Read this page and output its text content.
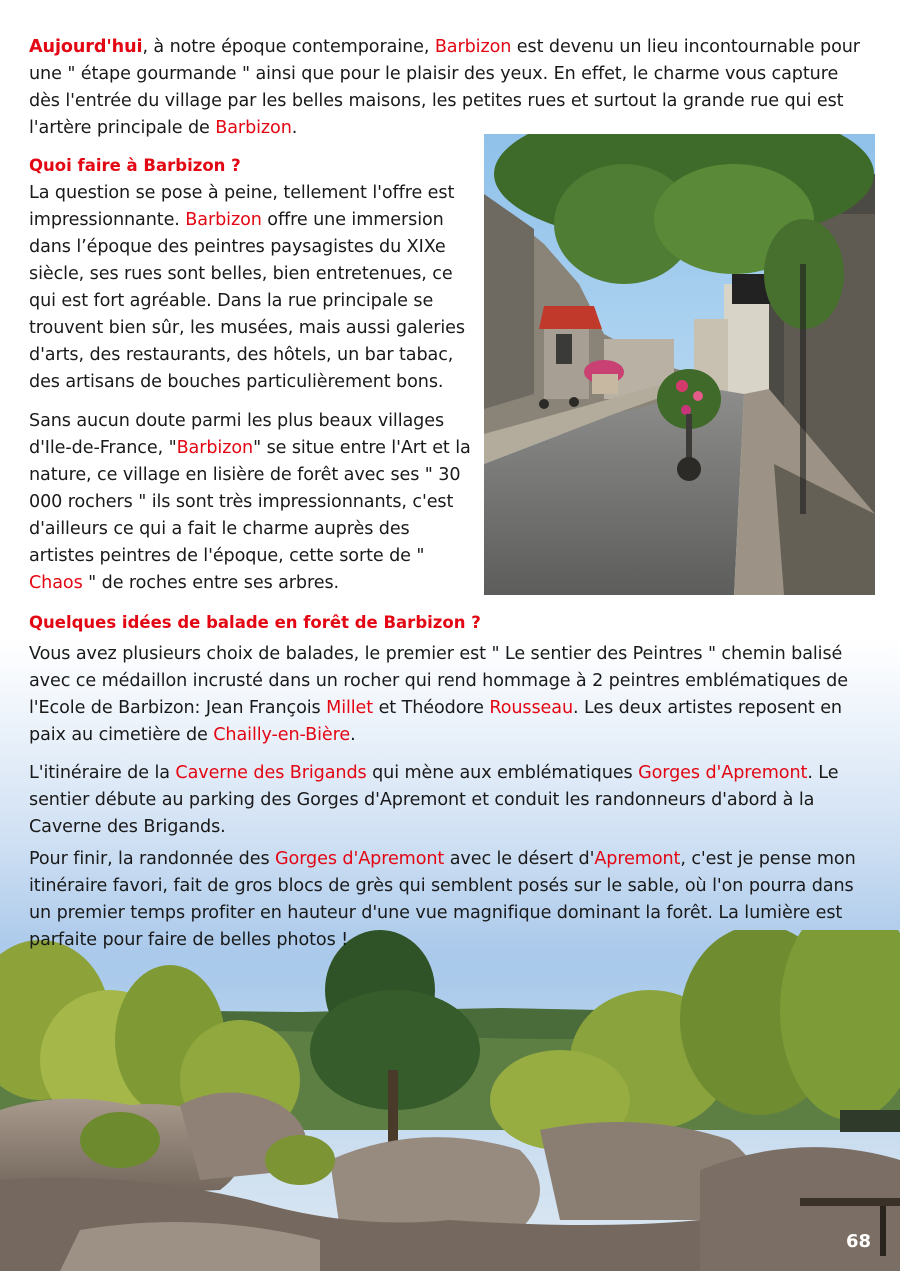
Aujourd'hui, à notre époque contemporaine, Barbizon est devenu un lieu incontournable pour une " étape gourmande " ainsi que pour le plaisir des yeux. En effet, le charme vous capture dès l'entrée du village par les belles maisons, les petites rues et surtout la grande rue qui est l'artère principale de Barbizon.

Quoi faire à Barbizon ?

La question se pose à peine, tellement l'offre est impressionnante. Barbizon offre une immersion dans l’époque des peintres paysagistes du XIXe siècle, ses rues sont belles, bien entretenues, ce qui est fort agréable. Dans la rue principale se trouvent bien sûr, les musées, mais aussi galeries d'arts, des restaurants, des hôtels, un bar tabac, des artisans de bouches particulièrement bons.

Sans aucun doute parmi les plus beaux villages d'Ile-de-France, "Barbizon" se situe entre l'Art et la nature, ce village en lisière de forêt avec ses " 30 000 rochers " ils sont très impressionnants, c'est d'ailleurs ce qui a fait le charme auprès des artistes peintres de l'époque, cette sorte de " Chaos " de roches entre ses arbres.

Quelques idées de balade en forêt de Barbizon ?

Vous avez plusieurs choix de balades, le premier est " Le sentier des Peintres " chemin balisé avec ce médaillon incrusté dans un rocher qui rend hommage à 2 peintres emblématiques de l'Ecole de Barbizon: Jean François Millet et Théodore Rousseau. Les deux artistes reposent en paix au cimetière de Chailly-en-Bière.

L'itinéraire de la Caverne des Brigands qui mène aux emblématiques Gorges d'Apremont. Le sentier débute au parking des Gorges d'Apremont et conduit les randonneurs d'abord à la Caverne des Brigands.

Pour finir, la randonnée des Gorges d'Apremont avec le désert d'Apremont, c'est je pense mon itinéraire favori, fait de gros blocs de grès qui semblent posés sur le sable, où l'on pourra dans un premier temps profiter en hauteur d'une vue magnifique dominant la forêt. La lumière est parfaite pour faire de belles photos !

68
